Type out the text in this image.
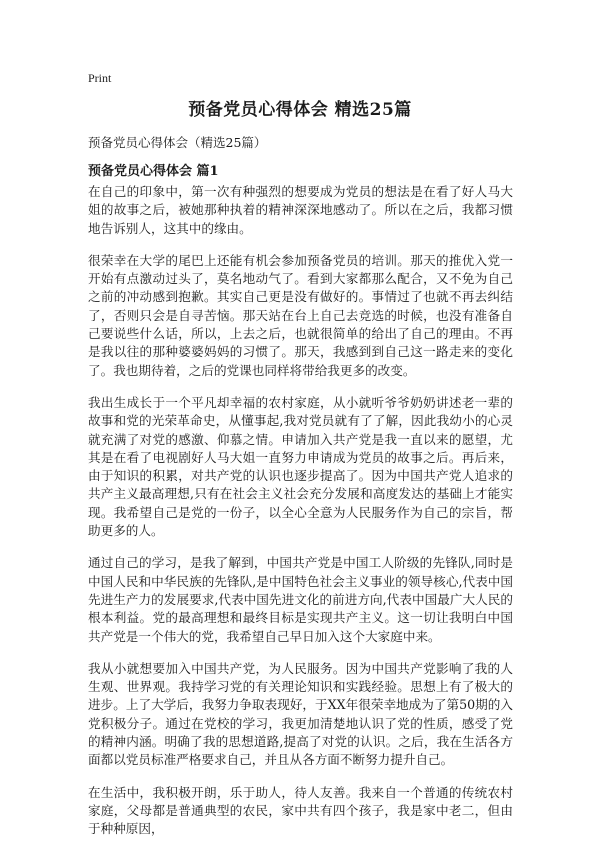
Print
预备党员心得体会 精选25篇
预备党员心得体会（精选25篇）
预备党员心得体会 篇1

在自己的印象中，第一次有种强烈的想要成为党员的想法是在看了好人马大姐的故事之后，被她那种执着的精神深深地感动了。所以在之后，我都习惯地告诉别人，这其中的缘由。

很荣幸在大学的尾巴上还能有机会参加预备党员的培训。那天的推优入党一开始有点激动过头了，莫名地动气了。看到大家都那么配合，又不免为自己之前的冲动感到抱歉。其实自己更是没有做好的。事情过了也就不再去纠结了，否则只会是自寻苦恼。那天站在台上自己去竞选的时候，也没有准备自己要说些什么话，所以，上去之后，也就很简单的给出了自己的理由。不再是我以往的那种婆婆妈妈的习惯了。那天，我感到到自己这一路走来的变化了。我也期待着，之后的党课也同样将带给我更多的改变。

我出生成长于一个平凡却幸福的农村家庭，从小就听爷爷奶奶讲述老一辈的故事和党的光荣革命史，从懂事起,我对党员就有了了解，因此我幼小的心灵就充满了对党的感激、仰慕之情。申请加入共产党是我一直以来的愿望，尤其是在看了电视剧好人马大姐一直努力申请成为党员的故事之后。再后来，由于知识的积累，对共产党的认识也逐步提高了。因为中国共产党人追求的共产主义最高理想,只有在社会主义社会充分发展和高度发达的基础上才能实现。我希望自己是党的一份子，以全心全意为人民服务作为自己的宗旨，帮助更多的人。

通过自己的学习，是我了解到，中国共产党是中国工人阶级的先锋队,同时是中国人民和中华民族的先锋队,是中国特色社会主义事业的领导核心,代表中国先进生产力的发展要求,代表中国先进文化的前进方向,代表中国最广大人民的根本利益。党的最高理想和最终目标是实现共产主义。这一切让我明白中国共产党是一个伟大的党，我希望自己早日加入这个大家庭中来。

我从小就想要加入中国共产党，为人民服务。因为中国共产党影响了我的人生观、世界观。我持学习党的有关理论知识和实践经验。思想上有了极大的进步。上了大学后，我努力争取表现好，于XX年很荣幸地成为了第50期的入党积极分子。通过在党校的学习，我更加清楚地认识了党的性质，感受了党的精神内涵。明确了我的思想道路,提高了对党的认识。之后，我在生活各方面都以党员标准严格要求自己，并且从各方面不断努力提升自己。

在生活中，我积极开朗，乐于助人，待人友善。我来自一个普通的传统农村家庭，父母都是普通典型的农民，家中共有四个孩子，我是家中老二，但由于种种原因，
